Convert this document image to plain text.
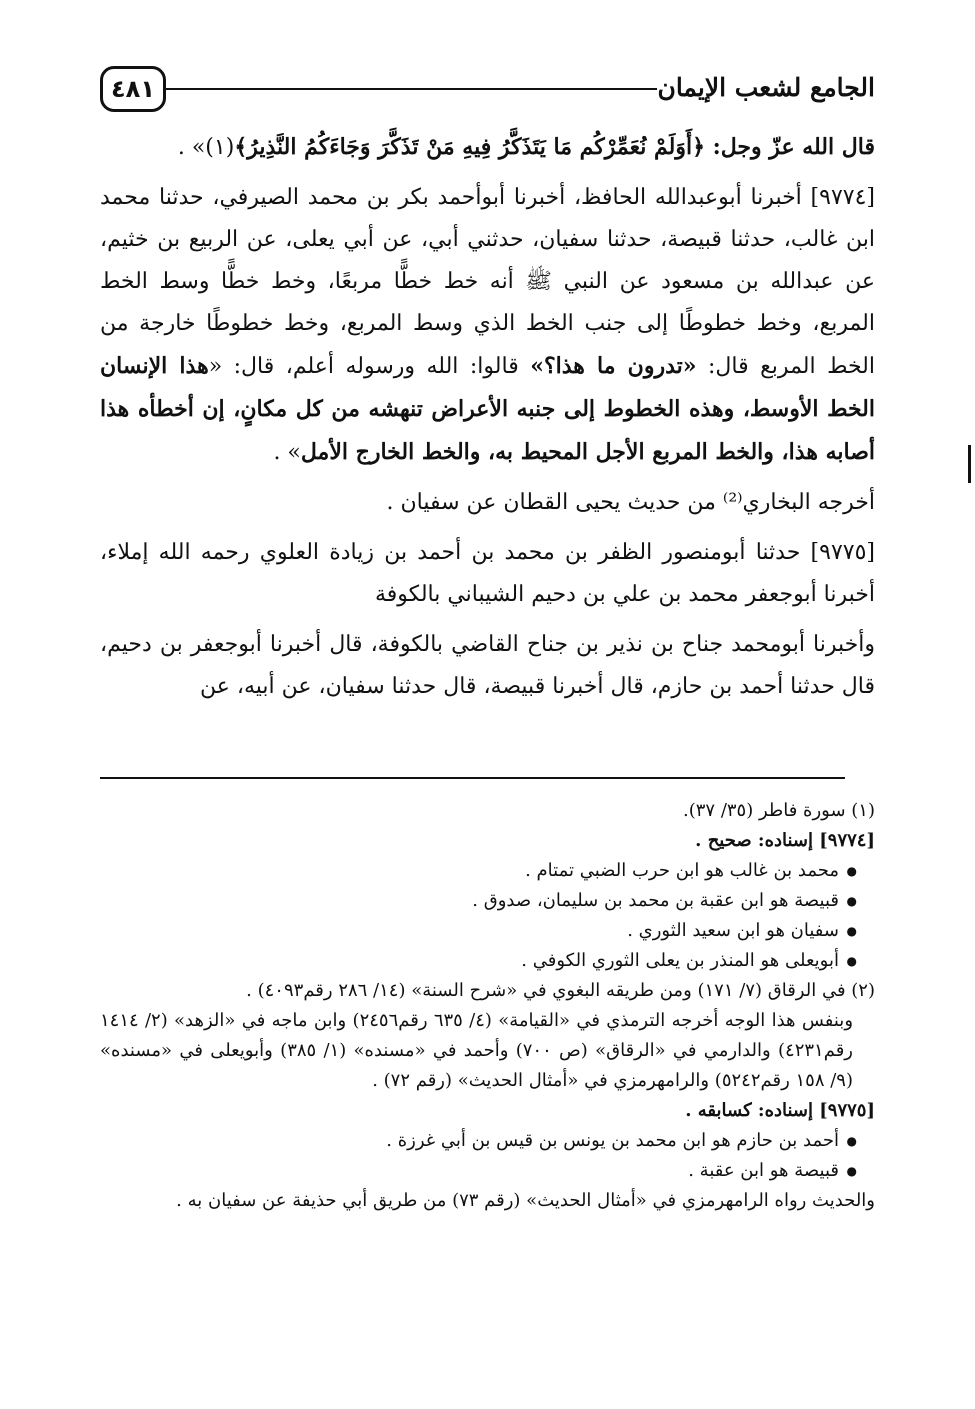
٤٨١	الجامع لشعب الإيمان

قال الله عزّ وجل: ﴿أَوَلَمْ نُعَمِّرْكُم مَا يَتَذَكَّرُ فِيهِ مَنْ تَذَكَّرَ وَجَاءَكُمُ النَّذِيرُ﴾(١)» .

[٩٧٧٤] أخبرنا أبوعبدالله الحافظ، أخبرنا أبوأحمد بكر بن محمد الصيرفي، حدثنا محمد ابن غالب، حدثنا قبيصة، حدثنا سفيان، حدثني أبي، عن أبي يعلى، عن الربيع بن خثيم، عن عبدالله بن مسعود عن النبي ﷺ أنه خط خطًّا مربعًا، وخط خطًّا وسط الخط المربع، وخط خطوطًا إلى جنب الخط الذي وسط المربع، وخط خطوطًا خارجة من الخط المربع قال: «تدرون ما هذا؟» قالوا: الله ورسوله أعلم، قال: «هذا الإنسان الخط الأوسط، وهذه الخطوط إلى جنبه الأعراض تنهشه من كل مكانٍ، إن أخطأه هذا أصابه هذا، والخط المربع الأجل المحيط به، والخط الخارج الأمل» .

أخرجه البخاري⁽²⁾ من حديث يحيى القطان عن سفيان .

[٩٧٧٥] حدثنا أبومنصور الظفر بن محمد بن أحمد بن زيادة العلوي رحمه الله إملاء، أخبرنا أبوجعفر محمد بن علي بن دحيم الشيباني بالكوفة

وأخبرنا أبومحمد جناح بن نذير بن جناح القاضي بالكوفة، قال أخبرنا أبوجعفر بن دحيم، قال حدثنا أحمد بن حازم، قال أخبرنا قبيصة، قال حدثنا سفيان، عن أبيه، عن

(١) سورة فاطر (٣٥/ ٣٧).

[٩٧٧٤] إسناده: صحيح .

● محمد بن غالب هو ابن حرب الضبي تمتام .
● قبيصة هو ابن عقبة بن محمد بن سليمان، صدوق .
● سفيان هو ابن سعيد الثوري .
● أبويعلى هو المنذر بن يعلى الثوري الكوفي .

(٢) في الرقاق (٧/ ١٧١) ومن طريقه البغوي في «شرح السنة» (١٤/ ٢٨٦ رقم٤٠٩٣) .

وبنفس هذا الوجه أخرجه الترمذي في «القيامة» (٤/ ٦٣٥ رقم٢٤٥٦) وابن ماجه في «الزهد» (٢/ ١٤١٤ رقم٤٢٣١) والدارمي في «الرقاق» (ص ٧٠٠) وأحمد في «مسنده» (١/ ٣٨٥) وأبويعلى في «مسنده» (٩/ ١٥٨ رقم٥٢٤٢) والرامهرمزي في «أمثال الحديث» (رقم ٧٢) .

[٩٧٧٥] إسناده: كسابقه .

● أحمد بن حازم هو ابن محمد بن يونس بن قيس بن أبي غرزة .
● قبيصة هو ابن عقبة .

والحديث رواه الرامهرمزي في «أمثال الحديث» (رقم ٧٣) من طريق أبي حذيفة عن سفيان به .
